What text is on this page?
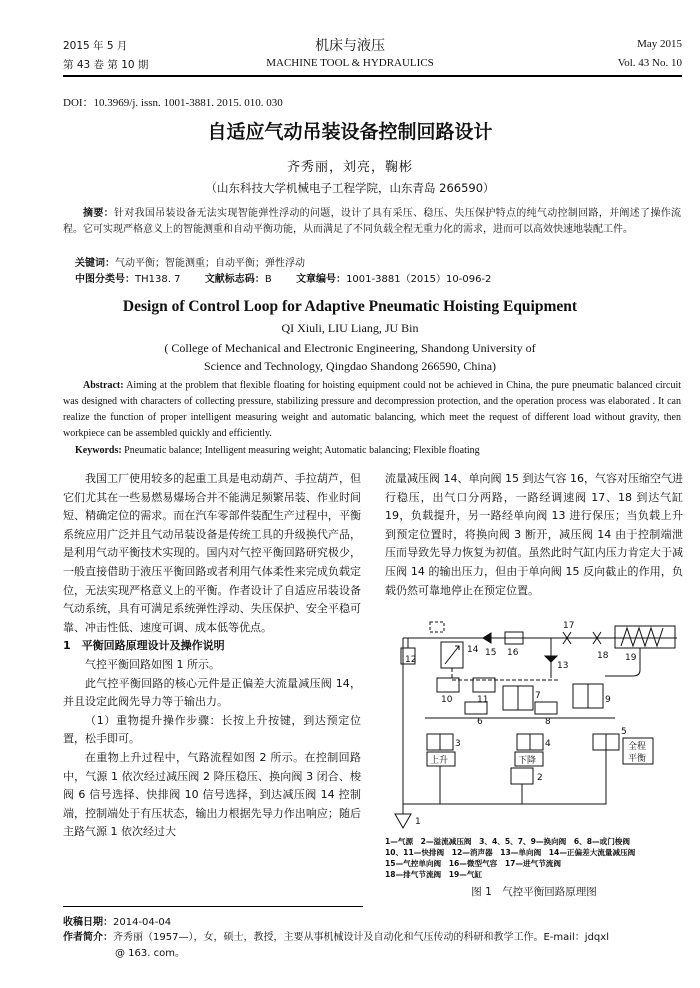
2015 年 5 月
第 43 卷 第 10 期
机床与液压
MACHINE TOOL & HYDRAULICS
May 2015
Vol. 43 No. 10
DOI：10.3969/j. issn. 1001-3881. 2015. 010. 030
自适应气动吊装设备控制回路设计
齐秀丽，刘亮，鞠彬
（山东科技大学机械电子工程学院，山东青岛 266590）
摘要：针对我国吊装设备无法实现智能弹性浮动的问题，设计了具有采压、稳压、失压保护特点的纯气动控制回路，并阐述了操作流程。它可实现严格意义上的智能测重和自动平衡功能，从而满足了不同负载全程无重力化的需求，进而可以高效快速地装配工件。
关键词：气动平衡；智能测重；自动平衡；弹性浮动
中图分类号：TH138. 7 文献标志码：B 文章编号：1001-3881（2015）10-096-2
Design of Control Loop for Adaptive Pneumatic Hoisting Equipment
QI Xiuli, LIU Liang, JU Bin
( College of Mechanical and Electronic Engineering, Shandong University of
Science and Technology, Qingdao Shandong 266590, China)
Abstract: Aiming at the problem that flexible floating for hoisting equipment could not be achieved in China, the pure pneumatic balanced circuit was designed with characters of collecting pressure, stabilizing pressure and decompression protection, and the operation process was elaborated . It can realize the function of proper intelligent measuring weight and automatic balancing, which meet the request of different load without gravity, then workpiece can be assembled quickly and efficiently.
Keywords: Pneumatic balance; Intelligent measuring weight; Automatic balancing; Flexible floating

我国工厂使用较多的起重工具是电动葫芦、手拉葫芦，但它们尤其在一些易燃易爆场合并不能满足频繁吊装、作业时间短、精确定位的需求。而在汽车零部件装配生产过程中，平衡系统应用广泛并且气动吊装设备是传统工具的升级换代产品，是利用气动平衡技术实现的。国内对气控平衡回路研究极少，一般直接借助于液压平衡回路或者利用气体柔性来完成负载定位，无法实现严格意义上的平衡。作者设计了自适应吊装设备气动系统，具有可满足系统弹性浮动、失压保护、安全平稳可靠、冲击性低、速度可调、成本低等优点。

1　平衡回路原理设计及操作说明

气控平衡回路如图 1 所示。

此气控平衡回路的核心元件是正偏差大流量减压阀 14，并且设定此阀先导力等于输出力。

（1）重物提升操作步骤：长按上升按键，到达预定位置，松手即可。

在重物上升过程中，气路流程如图 2 所示。在控制回路中，气源 1 依次经过减压阀 2 降压稳压、换向阀 3 闭合、梭阀 6 信号选择、快排阀 10 信号选择，到达减压阀 14 控制端，控制端处于有压状态，输出力根据先导力作出响应；随后主路气源 1 依次经过大

流量减压阀 14、单向阀 15 到达气容 16，气容对压缩空气进行稳压，出气口分两路，一路经调速阀 17、18 到达气缸 19，负载提升，另一路经单向阀 13 进行保压；当负载上升到预定位置时，将换向阀 3 断开，减压阀 14 由于控制端泄压而导致先导力恢复为初值。虽然此时气缸内压力肯定大于减压阀 14 的输出压力，但由于单向阀 15 反向截止的作用，负载仍然可靠地停止在预定位置。

12
14 15 16
17
18 19
13
10	11
6
7
8
9
3	4
5
2
1
上升	下降
全程
平衡
1—气源　2—溢流减压阀　3、4、5、7、9—换向阀　6、8—或门梭阀
10、11—快排阀　12—消声器　13—单向阀　14—正偏差大流量减压阀
15—气控单向阀　16—微型气容　17—进气节流阀
18—排气节流阀　19—气缸
图 1　气控平衡回路原理图
收稿日期：2014-04-04
作者简介：齐秀丽（1957—），女，硕士，教授，主要从事机械设计及自动化和气压传动的科研和教学工作。E-mail：jdqxl
@ 163. com。
